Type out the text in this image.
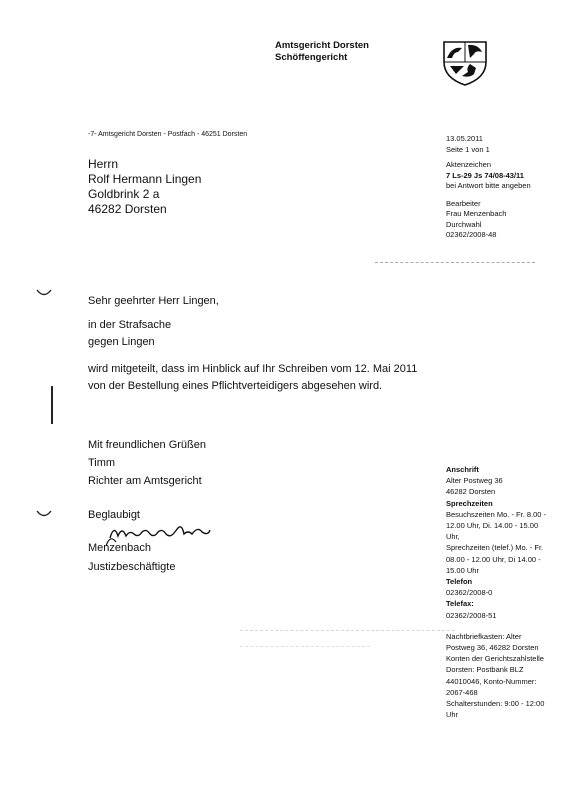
Amtsgericht Dorsten
Schöffengericht
-7- Amtsgericht Dorsten - Postfach - 46251 Dorsten
Herrn
Rolf Hermann Lingen
Goldbrink 2 a
46282 Dorsten
13.05.2011
Seite 1 von 1
Aktenzeichen
7 Ls-29 Js 74/08-43/11
bei Antwort bitte angeben
Bearbeiter
Frau Menzenbach
Durchwahl
02362/2008-48
Sehr geehrter Herr Lingen,
in der Strafsache
gegen Lingen
wird mitgeteilt, dass im Hinblick auf Ihr Schreiben vom 12. Mai 2011
von der Bestellung eines Pflichtverteidigers abgesehen wird.
Mit freundlichen Grüßen
Timm
Richter am Amtsgericht
Beglaubigt
Menzenbach
Justizbeschäftigte
Anschrift
Alter Postweg 36
46282 Dorsten
Sprechzeiten
Besuchszeiten Mo. - Fr. 8.00 -
12.00 Uhr, Di. 14.00 - 15.00
Uhr,
Sprechzeiten (telef.) Mo. - Fr.
08.00 - 12.00 Uhr, Di 14.00 -
15.00 Uhr
Telefon
02362/2008-0
Telefax:
02362/2008-51
Nachtbriefkasten: Alter
Postweg 36, 46282 Dorsten
Konten der Gerichtszahlstelle
Dorsten: Postbank BLZ
44010046, Konto-Nummer:
2067-468
Schalterstunden: 9:00 - 12:00
Uhr
